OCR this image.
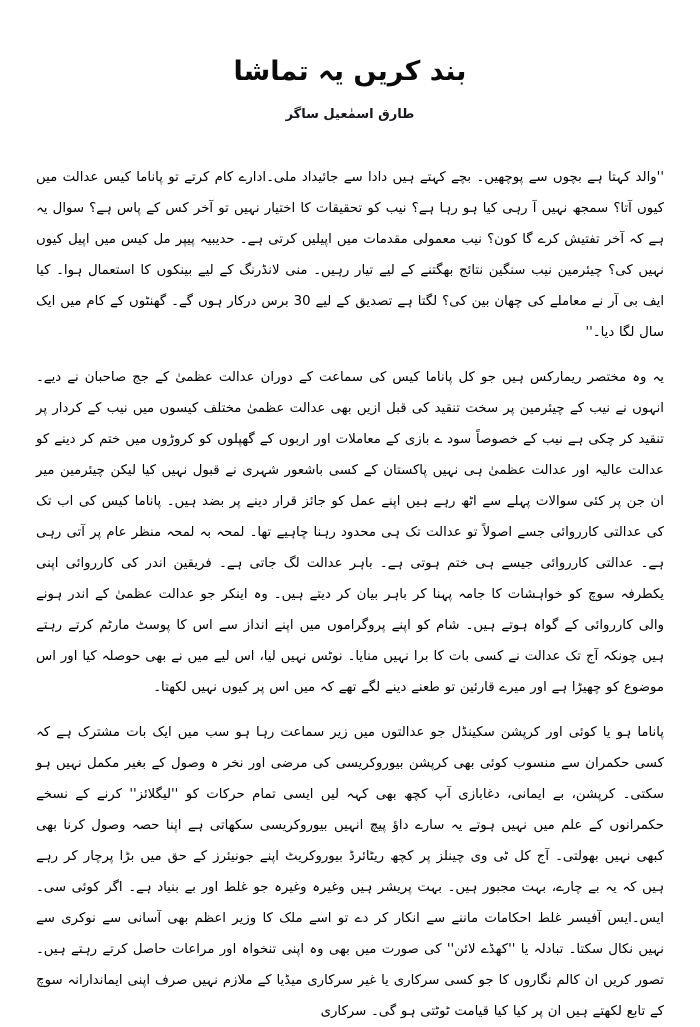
بند کریں یہ تماشا

طارق اسمٰعیل ساگر

''والد کہتا ہے بچوں سے پوچھیں۔ بچے کہتے ہیں دادا سے جائیداد ملی۔ادارے کام کرتے تو پاناما کیس عدالت میں کیوں آتا؟ سمجھ نہیں آ رہی کیا ہو رہا ہے؟ نیب کو تحقیقات کا اختیار نہیں تو آخر کس کے پاس ہے؟ سوال یہ ہے کہ آخر تفتیش کرے گا کون؟ نیب معمولی مقدمات میں اپیلیں کرتی ہے۔ حدیبیہ پیپر مل کیس میں اپیل کیوں نہیں کی؟ چیئرمین نیب سنگین نتائج بھگتنے کے لیے تیار رہیں۔ منی لانڈرنگ کے لیے بینکوں کا استعمال ہوا۔ کیا ایف بی آر نے معاملے کی چھان بین کی؟ لگتا ہے تصدیق کے لیے 30 برس درکار ہوں گے۔ گھنٹوں کے کام میں ایک سال لگا دیا۔''

یہ وہ مختصر ریمارکس ہیں جو کل پاناما کیس کی سماعت کے دوران عدالت عظمیٰ کے جج صاحبان نے دیے۔ انہوں نے نیب کے چیئرمین پر سخت تنقید کی قبل ازیں بھی عدالت عظمیٰ مختلف کیسوں میں نیب کے کردار پر تنقید کر چکی ہے نیب کے خصوصاً سود ے بازی کے معاملات اور اربوں کے گھپلوں کو کروڑوں میں ختم کر دینے کو عدالت عالیہ اور عدالت عظمیٰ ہی نہیں پاکستان کے کسی باشعور شہری نے قبول نہیں کیا لیکن چیئرمین میر ان جن پر کئی سوالات پہلے سے اٹھ رہے ہیں اپنے عمل کو جائز قرار دینے پر بضد ہیں۔ پاناما کیس کی اب تک کی عدالتی کارروائی جسے اصولاً تو عدالت تک ہی محدود رہنا چاہیے تھا۔ لمحہ بہ لمحہ منظر عام پر آتی رہی ہے۔ عدالتی کارروائی جیسے ہی ختم ہوتی ہے۔ باہر عدالت لگ جاتی ہے۔ فریقین اندر کی کارروائی اپنی یکطرفہ سوچ کو خواہشات کا جامہ پہنا کر باہر بیان کر دیتے ہیں۔ وہ اینکر جو عدالت عظمیٰ کے اندر ہونے والی کارروائی کے گواہ ہوتے ہیں۔ شام کو اپنے پروگراموں میں اپنے انداز سے اس کا پوسٹ مارٹم کرتے رہتے ہیں چونکہ آج تک عدالت نے کسی بات کا برا نہیں منایا۔ نوٹس نہیں لیا، اس لیے میں نے بھی حوصلہ کیا اور اس موضوع کو چھیڑا ہے اور میرے قارئین تو طعنے دینے لگے تھے کہ میں اس پر کیوں نہیں لکھتا۔

پاناما ہو یا کوئی اور کرپشن سکینڈل جو عدالتوں میں زیر سماعت رہا ہو سب میں ایک بات مشترک ہے کہ کسی حکمران سے منسوب کوئی بھی کرپشن بیوروکریسی کی مرضی اور نخر ہ وصول کے بغیر مکمل نہیں ہو سکتی۔ کرپشن، بے ایمانی، دغابازی آپ کچھ بھی کہہ لیں ایسی تمام حرکات کو ''لیگلائز'' کرنے کے نسخے حکمرانوں کے علم میں نہیں ہوتے یہ سارے داؤ پیچ انہیں بیوروکریسی سکھاتی ہے اپنا حصہ وصول کرنا بھی کبھی نہیں بھولتی۔ آج کل ٹی وی چینلز پر کچھ ریٹائرڈ بیوروکریٹ اپنے جونیئرز کے حق میں بڑا پرچار کر رہے ہیں کہ یہ بے چارے، بہت مجبور ہیں۔ بہت پریشر ہیں وغیرہ وغیرہ جو غلط اور بے بنیاد ہے۔ اگر کوئی سی۔ایس۔ایس آفیسر غلط احکامات ماننے سے انکار کر دے تو اسے ملک کا وزیر اعظم بھی آسانی سے نوکری سے نہیں نکال سکتا۔ تبادلہ یا ''کھڈے لائن'' کی صورت میں بھی وہ اپنی تنخواہ اور مراعات حاصل کرتے رہتے ہیں۔ تصور کریں ان کالم نگاروں کا جو کسی سرکاری یا غیر سرکاری میڈیا کے ملازم نہیں صرف اپنی ایماندارانہ سوچ کے تابع لکھتے ہیں ان پر کیا کیا قیامت ٹوٹتی ہو گی۔ سرکاری
